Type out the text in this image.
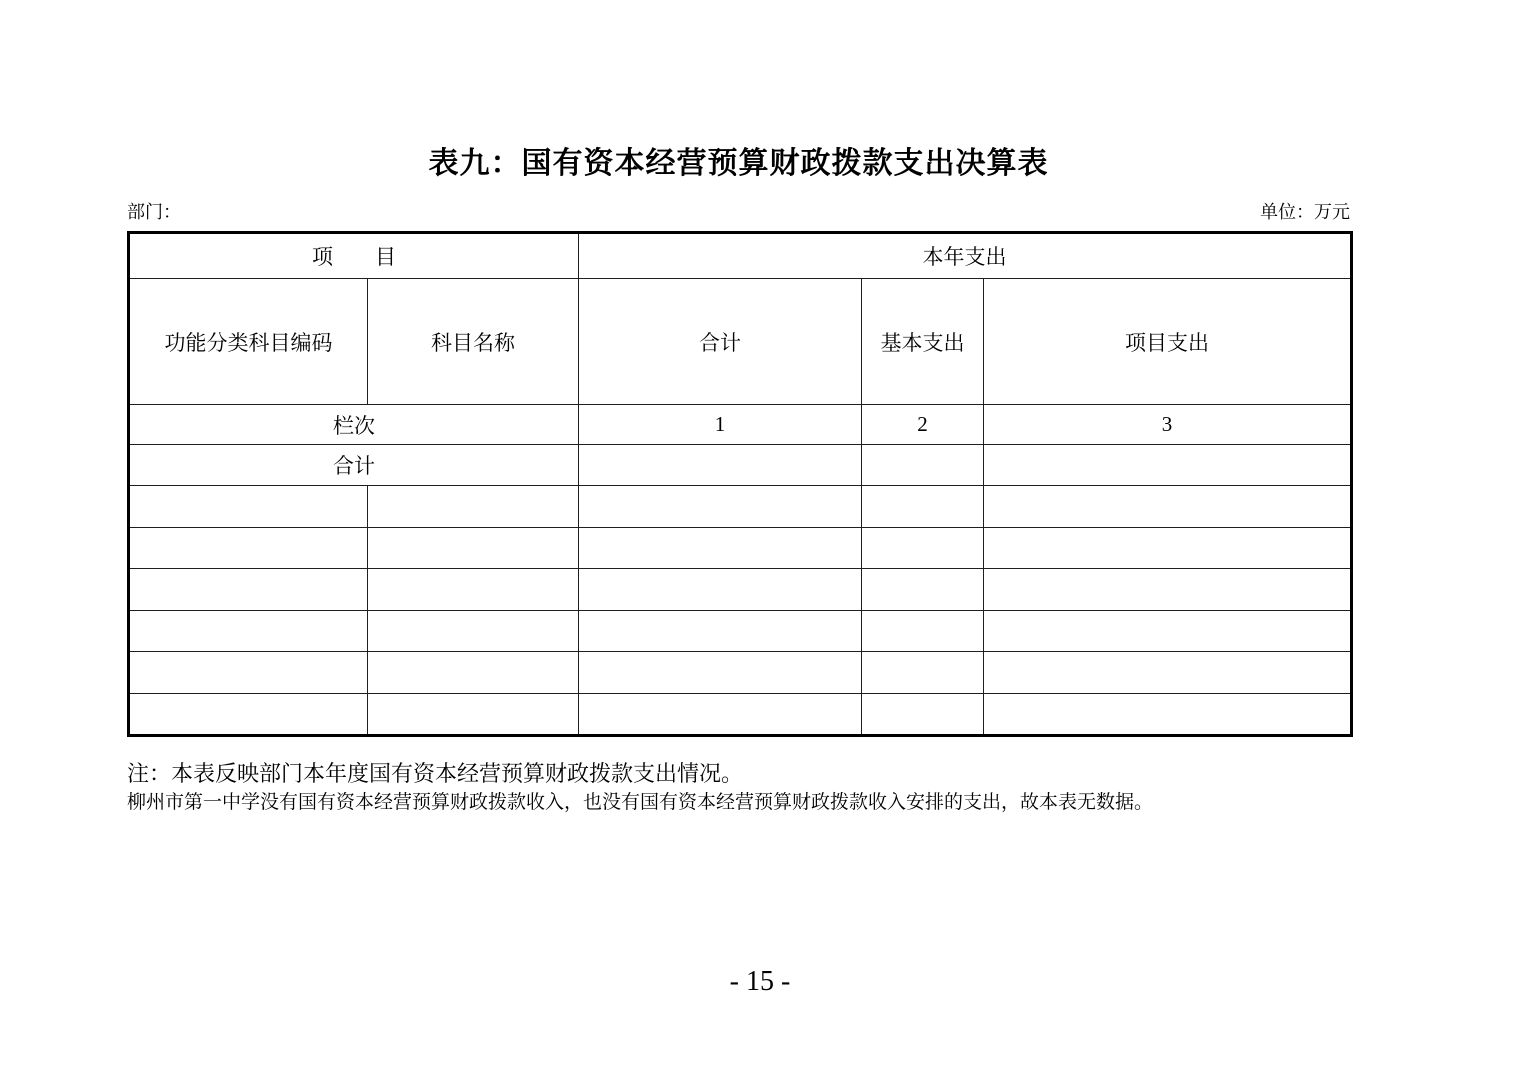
表九：国有资本经营预算财政拨款支出决算表
部门：	单位：万元
项　　目		本年支出		
功能分类科目编码	科目名称	合计	基本支出	项目支出
栏次		1	2	3
合计				

注：本表反映部门本年度国有资本经营预算财政拨款支出情况。

柳州市第一中学没有国有资本经营预算财政拨款收入，也没有国有资本经营预算财政拨款收入安排的支出，故本表无数据。

- 15 -
